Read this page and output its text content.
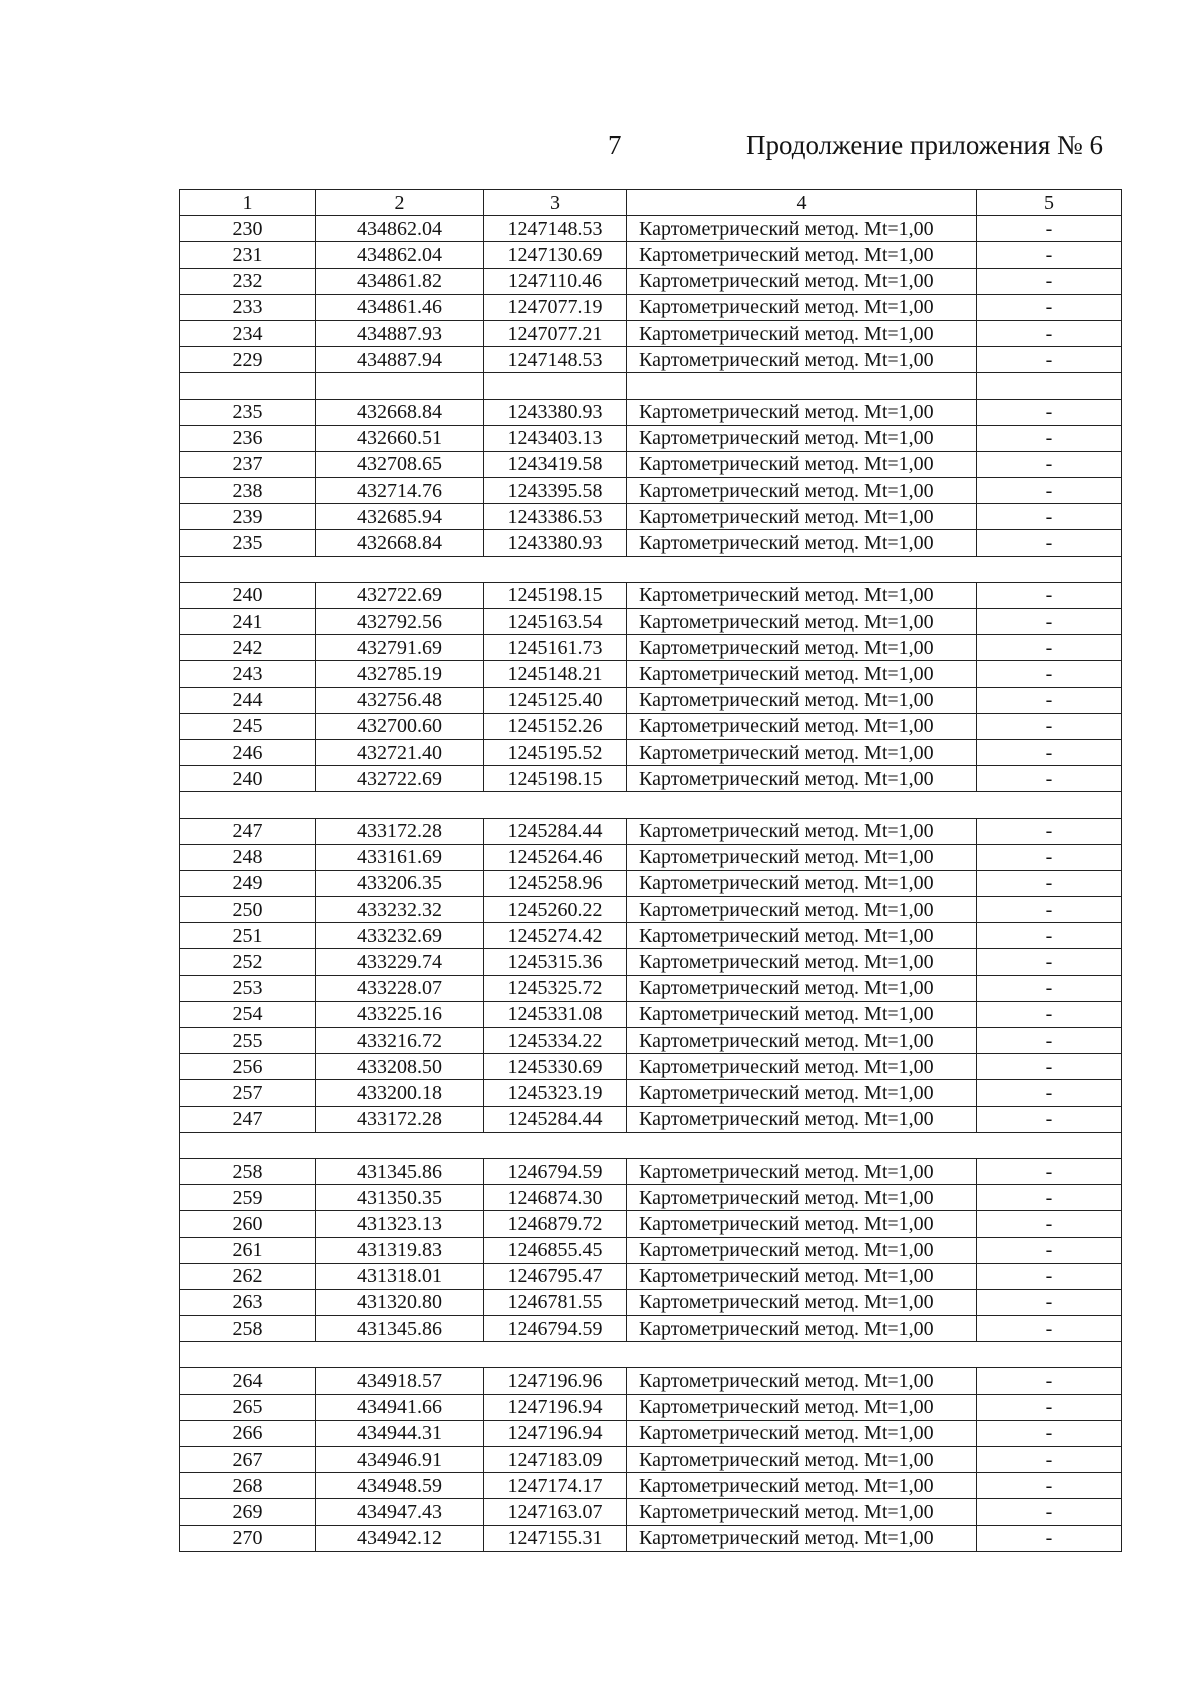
7	Продолжение приложения № 6
1	2	3	4	5
230	434862.04	1247148.53	Картометрический метод. Mt=1,00	-
231	434862.04	1247130.69	Картометрический метод. Mt=1,00	-
232	434861.82	1247110.46	Картометрический метод. Mt=1,00	-
233	434861.46	1247077.19	Картометрический метод. Mt=1,00	-
234	434887.93	1247077.21	Картометрический метод. Mt=1,00	-
229	434887.94	1247148.53	Картометрический метод. Mt=1,00	-

235	432668.84	1243380.93	Картометрический метод. Mt=1,00	-
236	432660.51	1243403.13	Картометрический метод. Mt=1,00	-
237	432708.65	1243419.58	Картометрический метод. Mt=1,00	-
238	432714.76	1243395.58	Картометрический метод. Mt=1,00	-
239	432685.94	1243386.53	Картометрический метод. Mt=1,00	-
235	432668.84	1243380.93	Картометрический метод. Mt=1,00	-

240	432722.69	1245198.15	Картометрический метод. Mt=1,00	-
241	432792.56	1245163.54	Картометрический метод. Mt=1,00	-
242	432791.69	1245161.73	Картометрический метод. Mt=1,00	-
243	432785.19	1245148.21	Картометрический метод. Mt=1,00	-
244	432756.48	1245125.40	Картометрический метод. Mt=1,00	-
245	432700.60	1245152.26	Картометрический метод. Mt=1,00	-
246	432721.40	1245195.52	Картометрический метод. Mt=1,00	-
240	432722.69	1245198.15	Картометрический метод. Mt=1,00	-

247	433172.28	1245284.44	Картометрический метод. Mt=1,00	-
248	433161.69	1245264.46	Картометрический метод. Mt=1,00	-
249	433206.35	1245258.96	Картометрический метод. Mt=1,00	-
250	433232.32	1245260.22	Картометрический метод. Mt=1,00	-
251	433232.69	1245274.42	Картометрический метод. Mt=1,00	-
252	433229.74	1245315.36	Картометрический метод. Mt=1,00	-
253	433228.07	1245325.72	Картометрический метод. Mt=1,00	-
254	433225.16	1245331.08	Картометрический метод. Mt=1,00	-
255	433216.72	1245334.22	Картометрический метод. Mt=1,00	-
256	433208.50	1245330.69	Картометрический метод. Mt=1,00	-
257	433200.18	1245323.19	Картометрический метод. Mt=1,00	-
247	433172.28	1245284.44	Картометрический метод. Mt=1,00	-

258	431345.86	1246794.59	Картометрический метод. Mt=1,00	-
259	431350.35	1246874.30	Картометрический метод. Mt=1,00	-
260	431323.13	1246879.72	Картометрический метод. Mt=1,00	-
261	431319.83	1246855.45	Картометрический метод. Mt=1,00	-
262	431318.01	1246795.47	Картометрический метод. Mt=1,00	-
263	431320.80	1246781.55	Картометрический метод. Mt=1,00	-
258	431345.86	1246794.59	Картометрический метод. Mt=1,00	-

264	434918.57	1247196.96	Картометрический метод. Mt=1,00	-
265	434941.66	1247196.94	Картометрический метод. Mt=1,00	-
266	434944.31	1247196.94	Картометрический метод. Mt=1,00	-
267	434946.91	1247183.09	Картометрический метод. Mt=1,00	-
268	434948.59	1247174.17	Картометрический метод. Mt=1,00	-
269	434947.43	1247163.07	Картометрический метод. Mt=1,00	-
270	434942.12	1247155.31	Картометрический метод. Mt=1,00	-
